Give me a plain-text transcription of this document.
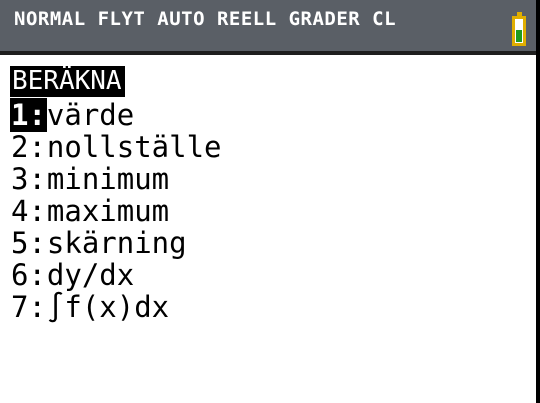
NORMAL FLYT AUTO REELL GRADER CL
BERÄKNA
1: värde
2: nollställe
3: minimum
4: maximum
5: skärning
6: dy/dx
7: ∫f(x)dx
